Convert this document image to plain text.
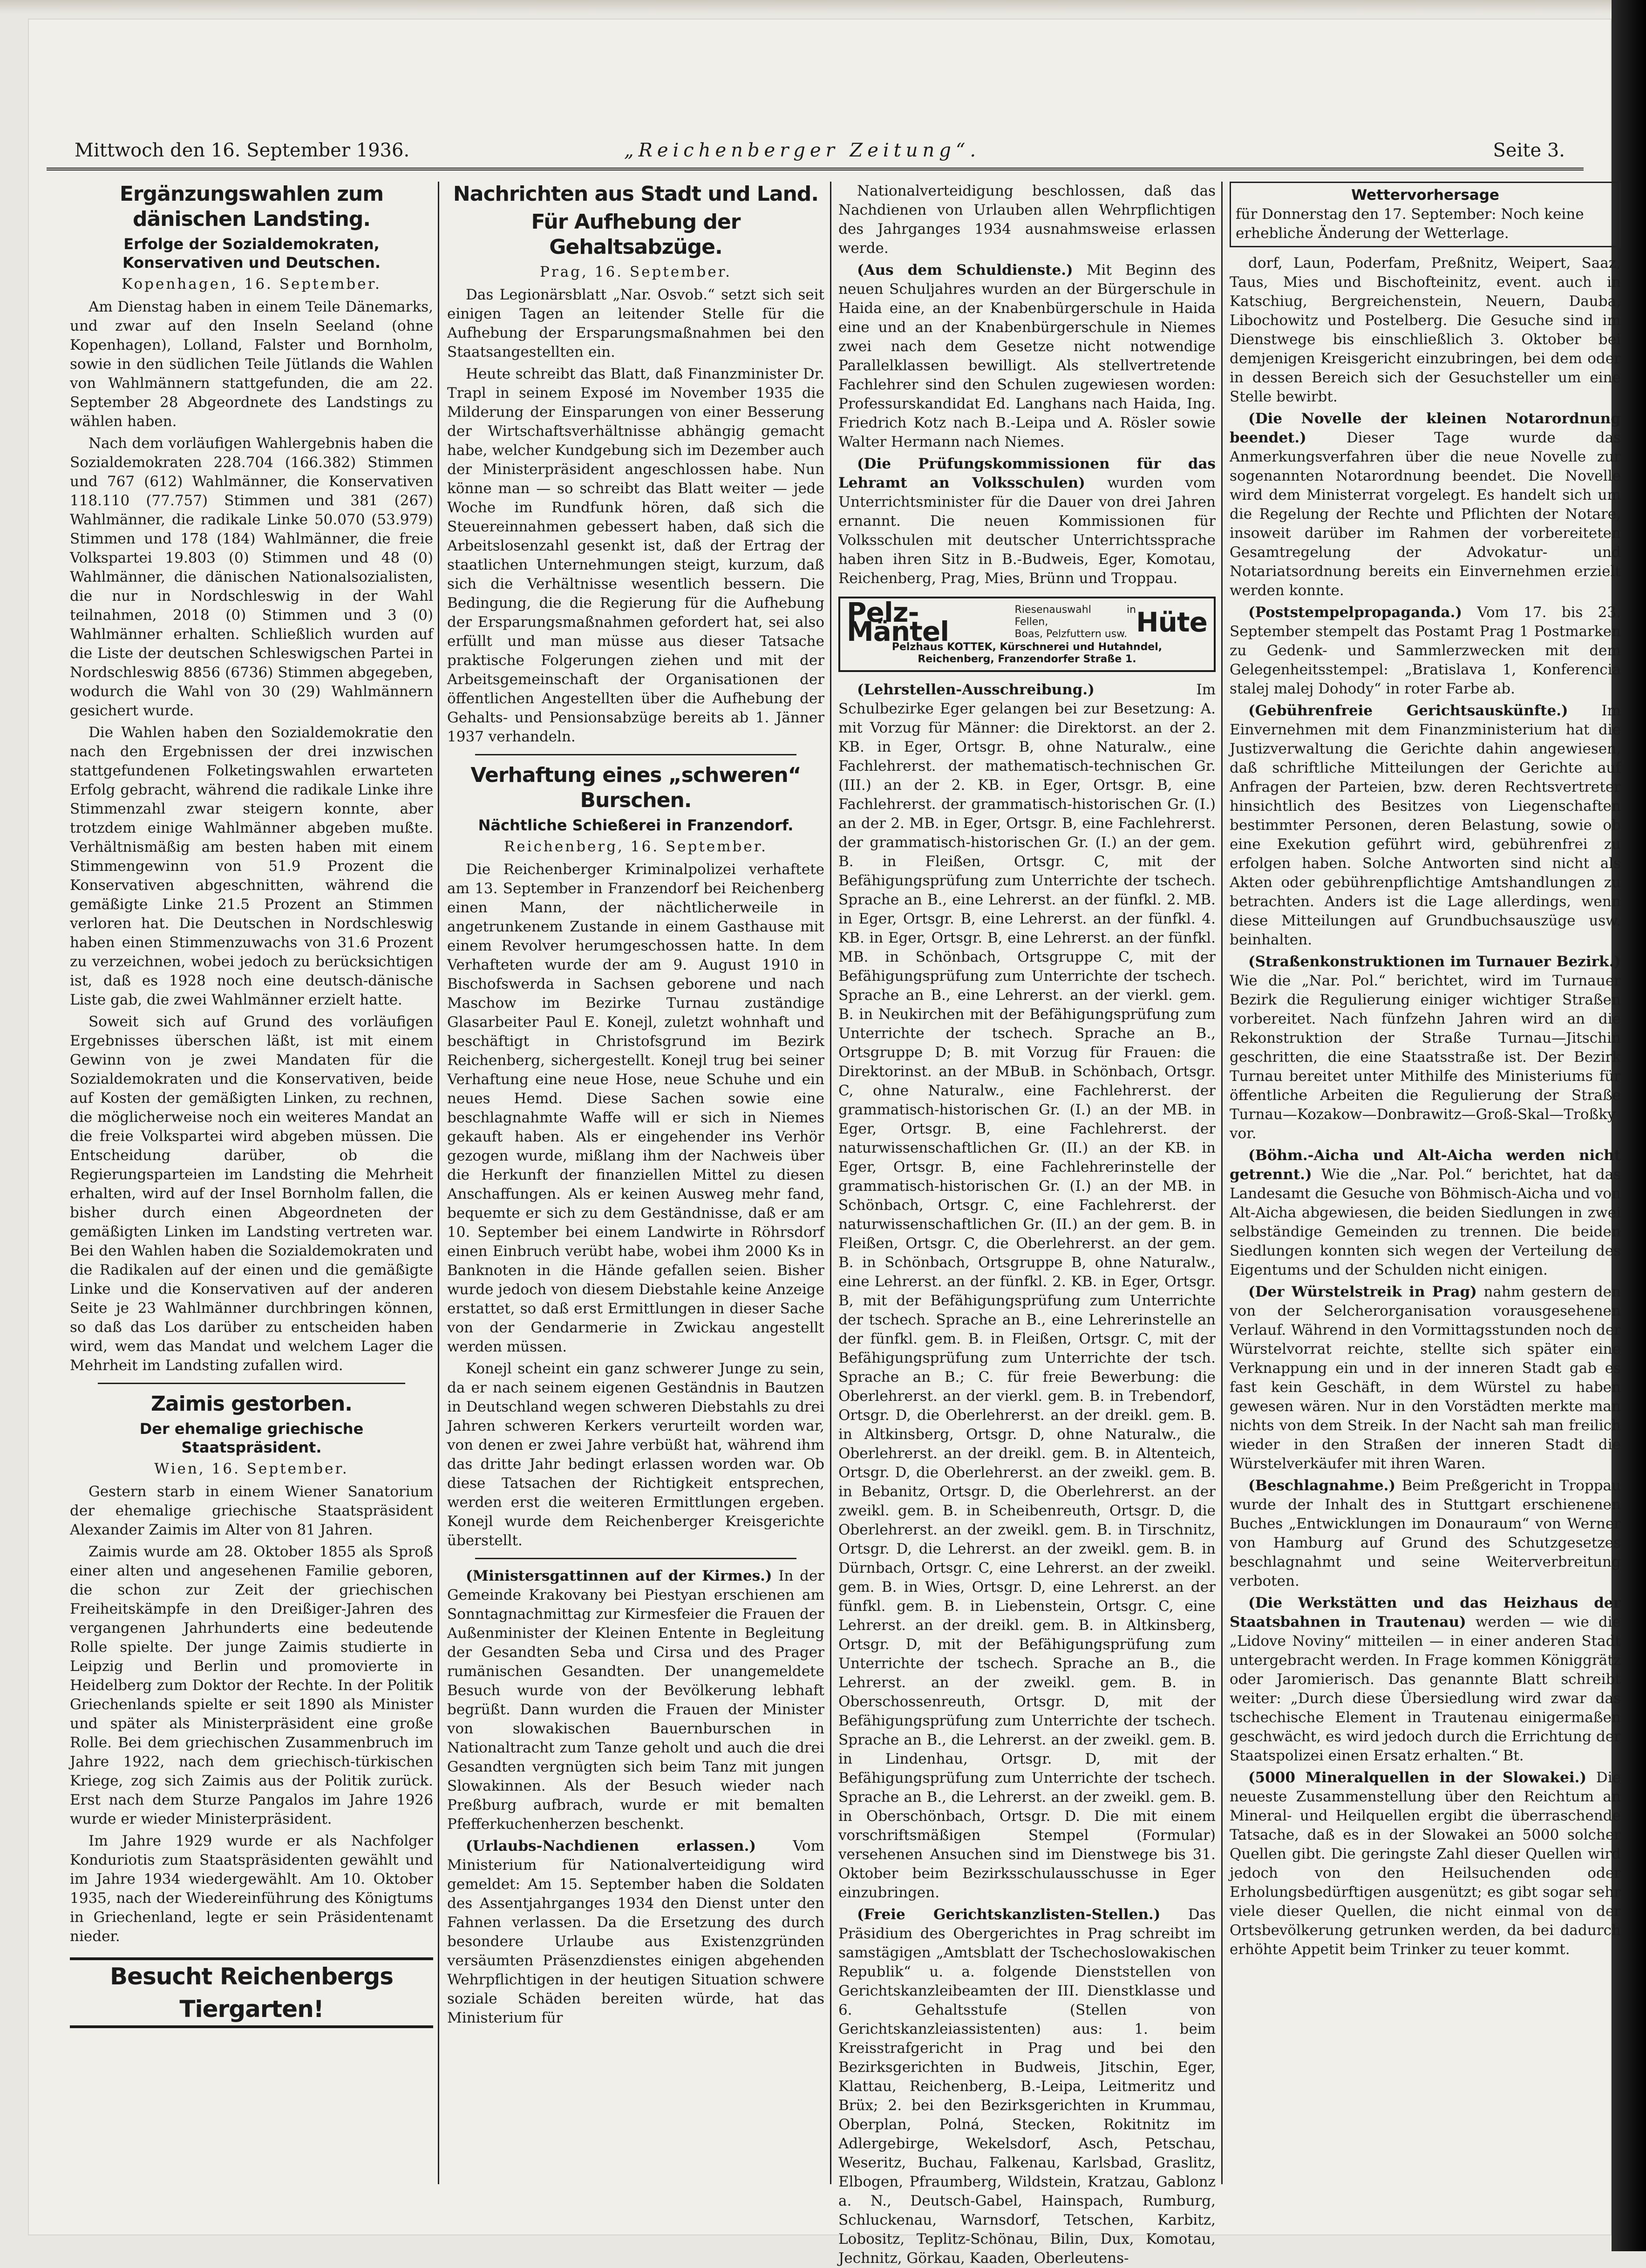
Mittwoch den 16. September 1936.	„Reichenberger Zeitung“.	Seite 3.
Ergänzungswahlen zum dänischen Landsting.
Erfolge der Sozialdemokraten, Konservativen und Deutschen.
Kopenhagen, 16. September.

Am Dienstag haben in einem Teile Dänemarks, und zwar auf den Inseln Seeland (ohne Kopenhagen), Lolland, Falster und Bornholm, sowie in den südlichen Teile Jütlands die Wahlen von Wahlmännern stattgefunden, die am 22. September 28 Abgeordnete des Landstings zu wählen haben.

Nach dem vorläufigen Wahlergebnis haben die Sozialdemokraten 228.704 (166.382) Stimmen und 767 (612) Wahlmänner, die Konservativen 118.110 (77.757) Stimmen und 381 (267) Wahlmänner, die radikale Linke 50.070 (53.979) Stimmen und 178 (184) Wahlmänner, die freie Volkspartei 19.803 (0) Stimmen und 48 (0) Wahlmänner, die dänischen Nationalsozialisten, die nur in Nordschleswig in der Wahl teilnahmen, 2018 (0) Stimmen und 3 (0) Wahlmänner erhalten. Schließlich wurden auf die Liste der deutschen Schleswigschen Partei in Nordschleswig 8856 (6736) Stimmen abgegeben, wodurch die Wahl von 30 (29) Wahlmännern gesichert wurde.

Die Wahlen haben den Sozialdemokratie den nach den Ergebnissen der drei inzwischen stattgefundenen Folketingswahlen erwarteten Erfolg gebracht, während die radikale Linke ihre Stimmenzahl zwar steigern konnte, aber trotzdem einige Wahlmänner abgeben mußte. Verhältnismäßig am besten haben mit einem Stimmengewinn von 51.9 Prozent die Konservativen abgeschnitten, während die gemäßigte Linke 21.5 Prozent an Stimmen verloren hat. Die Deutschen in Nordschleswig haben einen Stimmenzuwachs von 31.6 Prozent zu verzeichnen, wobei jedoch zu berücksichtigen ist, daß es 1928 noch eine deutsch-dänische Liste gab, die zwei Wahlmänner erzielt hatte.

Soweit sich auf Grund des vorläufigen Ergebnisses überschen läßt, ist mit einem Gewinn von je zwei Mandaten für die Sozialdemokraten und die Konservativen, beide auf Kosten der gemäßigten Linken, zu rechnen, die möglicherweise noch ein weiteres Mandat an die freie Volkspartei wird abgeben müssen. Die Entscheidung darüber, ob die Regierungsparteien im Landsting die Mehrheit erhalten, wird auf der Insel Bornholm fallen, die bisher durch einen Abgeordneten der gemäßigten Linken im Landsting vertreten war. Bei den Wahlen haben die Sozialdemokraten und die Radikalen auf der einen und die gemäßigte Linke und die Konservativen auf der anderen Seite je 23 Wahlmänner durchbringen können, so daß das Los darüber zu entscheiden haben wird, wem das Mandat und welchem Lager die Mehrheit im Landsting zufallen wird.

Zaimis gestorben.
Der ehemalige griechische Staatspräsident.
Wien, 16. September.

Gestern starb in einem Wiener Sanatorium der ehemalige griechische Staatspräsident Alexander Zaimis im Alter von 81 Jahren.

Zaimis wurde am 28. Oktober 1855 als Sproß einer alten und angesehenen Familie geboren, die schon zur Zeit der griechischen Freiheitskämpfe in den Dreißiger-Jahren des vergangenen Jahrhunderts eine bedeutende Rolle spielte. Der junge Zaimis studierte in Leipzig und Berlin und promovierte in Heidelberg zum Doktor der Rechte. In der Politik Griechenlands spielte er seit 1890 als Minister und später als Ministerpräsident eine große Rolle. Bei dem griechischen Zusammenbruch im Jahre 1922, nach dem griechisch-türkischen Kriege, zog sich Zaimis aus der Politik zurück. Erst nach dem Sturze Pangalos im Jahre 1926 wurde er wieder Ministerpräsident.

Im Jahre 1929 wurde er als Nachfolger Konduriotis zum Staatspräsidenten gewählt und im Jahre 1934 wiedergewählt. Am 10. Oktober 1935, nach der Wiedereinführung des Königtums in Griechenland, legte er sein Präsidentenamt nieder.

Besucht Reichenbergs Tiergarten!
Nachrichten aus Stadt und Land.
Für Aufhebung der Gehaltsabzüge.
Prag, 16. September.

Das Legionärsblatt „Nar. Osvob.“ setzt sich seit einigen Tagen an leitender Stelle für die Aufhebung der Ersparungsmaßnahmen bei den Staatsangestellten ein.

Heute schreibt das Blatt, daß Finanzminister Dr. Trapl in seinem Exposé im November 1935 die Milderung der Einsparungen von einer Besserung der Wirtschaftsverhältnisse abhängig gemacht habe, welcher Kundgebung sich im Dezember auch der Ministerpräsident angeschlossen habe. Nun könne man — so schreibt das Blatt weiter — jede Woche im Rundfunk hören, daß sich die Steuereinnahmen gebessert haben, daß sich die Arbeitslosenzahl gesenkt ist, daß der Ertrag der staatlichen Unternehmungen steigt, kurzum, daß sich die Verhältnisse wesentlich bessern. Die Bedingung, die die Regierung für die Aufhebung der Ersparungsmaßnahmen gefordert hat, sei also erfüllt und man müsse aus dieser Tatsache praktische Folgerungen ziehen und mit der Arbeitsgemeinschaft der Organisationen der öffentlichen Angestellten über die Aufhebung der Gehalts- und Pensionsabzüge bereits ab 1. Jänner 1937 verhandeln.

Verhaftung eines „schweren“ Burschen.
Nächtliche Schießerei in Franzendorf.
Reichenberg, 16. September.

Die Reichenberger Kriminalpolizei verhaftete am 13. September in Franzendorf bei Reichenberg einen Mann, der nächtlicherweile in angetrunkenem Zustande in einem Gasthause mit einem Revolver herumgeschossen hatte. In dem Verhafteten wurde der am 9. August 1910 in Bischofswerda in Sachsen geborene und nach Maschow im Bezirke Turnau zuständige Glasarbeiter Paul E. Konejl, zuletzt wohnhaft und beschäftigt in Christofsgrund im Bezirk Reichenberg, sichergestellt. Konejl trug bei seiner Verhaftung eine neue Hose, neue Schuhe und ein neues Hemd. Diese Sachen sowie eine beschlagnahmte Waffe will er sich in Niemes gekauft haben. Als er eingehender ins Verhör gezogen wurde, mißlang ihm der Nachweis über die Herkunft der finanziellen Mittel zu diesen Anschaffungen. Als er keinen Ausweg mehr fand, bequemte er sich zu dem Geständnisse, daß er am 10. September bei einem Landwirte in Röhrsdorf einen Einbruch verübt habe, wobei ihm 2000 Ks in Banknoten in die Hände gefallen seien. Bisher wurde jedoch von diesem Diebstahle keine Anzeige erstattet, so daß erst Ermittlungen in dieser Sache von der Gendarmerie in Zwickau angestellt werden müssen.

Konejl scheint ein ganz schwerer Junge zu sein, da er nach seinem eigenen Geständnis in Bautzen in Deutschland wegen schweren Diebstahls zu drei Jahren schweren Kerkers verurteilt worden war, von denen er zwei Jahre verbüßt hat, während ihm das dritte Jahr bedingt erlassen worden war. Ob diese Tatsachen der Richtigkeit entsprechen, werden erst die weiteren Ermittlungen ergeben. Konejl wurde dem Reichenberger Kreisgerichte überstellt.

(Ministersgattinnen auf der Kirmes.) In der Gemeinde Krakovany bei Piestyan erschienen am Sonntagnachmittag zur Kirmesfeier die Frauen der Außenminister der Kleinen Entente in Begleitung der Gesandten Seba und Cirsa und des Prager rumänischen Gesandten. Der unangemeldete Besuch wurde von der Bevölkerung lebhaft begrüßt. Dann wurden die Frauen der Minister von slowakischen Bauernburschen in Nationaltracht zum Tanze geholt und auch die drei Gesandten vergnügten sich beim Tanz mit jungen Slowakinnen. Als der Besuch wieder nach Preßburg aufbrach, wurde er mit bemalten Pfefferkuchenherzen beschenkt.

(Urlaubs-Nachdienen erlassen.)	Vom Ministerium für Nationalverteidigung wird gemeldet: Am 15. September haben die Soldaten des Assentjahrganges 1934 den Dienst unter den Fahnen verlassen. Da die Ersetzung des durch besondere Urlaube aus Existenzgründen versäumten Präsenzdienstes einigen abgehenden Wehrpflichtigen in der heutigen Situation schwere soziale Schäden bereiten würde, hat das Ministerium für

Nationalverteidigung beschlossen, daß das Nachdienen von Urlauben allen Wehrpflichtigen des Jahrganges 1934 ausnahmsweise erlassen werde.

(Aus dem Schuldienste.) Mit Beginn des neuen Schuljahres wurden an der Bürgerschule in Haida eine, an der Knabenbürgerschule in Haida eine und an der Knabenbürgerschule in Niemes zwei nach dem Gesetze nicht notwendige Parallelklassen bewilligt. Als stellvertretende Fachlehrer sind den Schulen zugewiesen worden: Professurskandidat Ed. Langhans nach Haida, Ing. Friedrich Kotz nach B.-Leipa und A. Rösler sowie Walter Hermann nach Niemes.

(Die Prüfungskommissionen für das Lehramt an Volksschulen) wurden vom Unterrichtsminister für die Dauer von drei Jahren ernannt. Die neuen Kommissionen für Volksschulen mit deutscher Unterrichtssprache haben ihren Sitz in B.-Budweis, Eger, Komotau, Reichenberg, Prag, Mies, Brünn und Troppau.

Pelz-Mäntel
Riesenauswahl in Fellen,
Boas, Pelzfuttern usw. Hüte
Pelzhaus KOTTEK, Kürschnerei und Hutahndel,
Reichenberg, Franzendorfer Straße 1.

(Lehrstellen-Ausschreibung.)	Im Schulbezirke Eger gelangen bei zur Besetzung: A. mit Vorzug für Männer: die Direktorst. an der 2. KB. in Eger, Ortsgr. B, ohne Naturalw., eine Fachlehrerst. der mathematisch-technischen Gr. (III.) an der 2. KB. in Eger, Ortsgr. B, eine Fachlehrerst. der grammatisch-historischen Gr. (I.) an der 2. MB. in Eger, Ortsgr. B, eine Fachlehrerst. der grammatisch-historischen Gr. (I.) an der gem. B. in Fleißen, Ortsgr. C, mit der Befähigungsprüfung zum Unterrichte der tschech. Sprache an B., eine Lehrerst. an der fünfkl. 2. MB. in Eger, Ortsgr. B, eine Lehrerst. an der fünfkl. 4. KB. in Eger, Ortsgr. B, eine Lehrerst. an der fünfkl. MB. in Schönbach, Ortsgruppe C, mit der Befähigungsprüfung zum Unterrichte der tschech. Sprache an B., eine Lehrerst. an der vierkl. gem. B. in Neukirchen mit der Befähigungsprüfung zum Unterrichte der tschech. Sprache an B., Ortsgruppe D; B. mit Vorzug für Frauen: die Direktorinst. an der MBuB. in Schönbach, Ortsgr. C, ohne Naturalw., eine Fachlehrerst. der grammatisch-historischen Gr. (I.) an der MB. in Eger, Ortsgr. B, eine Fachlehrerst. der naturwissenschaftlichen Gr. (II.) an der KB. in Eger, Ortsgr. B, eine Fachlehrerinstelle der grammatisch-historischen Gr. (I.) an der MB. in Schönbach, Ortsgr. C, eine Fachlehrerst. der naturwissenschaftlichen Gr. (II.) an der gem. B. in Fleißen, Ortsgr. C, die Oberlehrerst. an der gem. B. in Schönbach, Ortsgruppe B, ohne Naturalw., eine Lehrerst. an der fünfkl. 2. KB. in Eger, Ortsgr. B, mit der Befähigungsprüfung zum Unterrichte der tschech. Sprache an B., eine Lehrerinstelle an der fünfkl. gem. B. in Fleißen, Ortsgr. C, mit der Befähigungsprüfung zum Unterrichte der tsch. Sprache an B.; C. für freie Bewerbung: die Oberlehrerst. an der vierkl. gem. B. in Trebendorf, Ortsgr. D, die Oberlehrerst. an der dreikl. gem. B. in Altkinsberg, Ortsgr. D, ohne Naturalw., die Oberlehrerst. an der dreikl. gem. B. in Altenteich, Ortsgr. D, die Oberlehrerst. an der zweikl. gem. B. in Bebanitz, Ortsgr. D, die Oberlehrerst. an der zweikl. gem. B. in Scheibenreuth, Ortsgr. D, die Oberlehrerst. an der zweikl. gem. B. in Tirschnitz, Ortsgr. D, die Lehrerst. an der zweikl. gem. B. in Dürnbach, Ortsgr. C, eine Lehrerst. an der zweikl. gem. B. in Wies, Ortsgr. D, eine Lehrerst. an der fünfkl. gem. B. in Liebenstein, Ortsgr. C, eine Lehrerst. an der dreikl. gem. B. in Altkinsberg, Ortsgr. D, mit der Befähigungsprüfung zum Unterrichte der tschech. Sprache an B., die Lehrerst. an der zweikl. gem. B. in Oberschossenreuth, Ortsgr. D, mit der Befähigungsprüfung zum Unterrichte der tschech. Sprache an B., die Lehrerst. an der zweikl. gem. B. in Lindenhau, Ortsgr. D, mit der Befähigungsprüfung zum Unterrichte der tschech. Sprache an B., die Lehrerst. an der zweikl. gem. B. in Oberschönbach, Ortsgr. D. Die mit einem vorschriftsmäßigen Stempel (Formular) versehenen Ansuchen sind im Dienstwege bis 31. Oktober beim Bezirksschulausschusse in Eger einzubringen.

(Freie Gerichtskanzlisten-Stellen.) Das Präsidium des Obergerichtes in Prag schreibt im samstägigen „Amtsblatt der Tschechoslowakischen Republik“ u. a. folgende Dienststellen von Gerichtskanzleibeamten der III. Dienstklasse und 6. Gehaltsstufe (Stellen von Gerichtskanzleiassistenten) aus: 1. beim Kreisstrafgericht in Prag und bei den Bezirksgerichten in Budweis, Jitschin, Eger, Klattau, Reichenberg, B.-Leipa, Leitmeritz und Brüx; 2. bei den Bezirksgerichten in Krummau, Oberplan, Polná, Stecken, Rokitnitz im Adlergebirge, Wekelsdorf, Asch, Petschau, Weseritz, Buchau, Falkenau, Karlsbad, Graslitz, Elbogen, Pfraumberg, Wildstein, Kratzau, Gablonz a. N., Deutsch-Gabel, Hainspach, Rumburg, Schluckenau, Warnsdorf, Tetschen, Karbitz, Lobositz, Teplitz-Schönau, Bilin, Dux, Komotau, Jechnitz, Görkau, Kaaden, Oberleutens-

Wettervorhersage
für Donnerstag den 17. September: Noch keine erhebliche Änderung der Wetterlage.

dorf, Laun, Poderfam, Preßnitz, Weipert, Saaz, Taus, Mies und Bischofteinitz, event. auch in Katschiug, Bergreichenstein, Neuern, Dauba, Libochowitz und Postelberg. Die Gesuche sind im Dienstwege bis einschließlich 3. Oktober bei demjenigen Kreisgericht einzubringen, bei dem oder in dessen Bereich sich der Gesuchsteller um eine Stelle bewirbt.

(Die Novelle der kleinen Notarordnung beendet.)	Dieser Tage wurde das Anmerkungsverfahren über die neue Novelle zur sogenannten Notarordnung beendet. Die Novelle wird dem Ministerrat vorgelegt. Es handelt sich um die Regelung der Rechte und Pflichten der Notare, insoweit darüber im Rahmen der vorbereiteten Gesamtregelung der Advokatur- und Notariatsordnung bereits ein Einvernehmen erzielt werden konnte.

(Poststempelpropaganda.) Vom 17. bis 23. September stempelt das Postamt Prag 1 Postmarken zu Gedenk- und Sammlerzwecken mit dem Gelegenheitsstempel: „Bratislava 1, Konferencia stalej malej Dohody“ in roter Farbe ab.

(Gebührenfreie Gerichtsauskünfte.) Im Einvernehmen mit dem Finanzministerium hat die Justizverwaltung die Gerichte dahin angewiesen, daß schriftliche Mitteilungen der Gerichte auf Anfragen der Parteien, bzw. deren Rechtsvertreter hinsichtlich des Besitzes von Liegenschaften bestimmter Personen, deren Belastung, sowie ob eine Exekution geführt wird, gebührenfrei zu erfolgen haben. Solche Antworten sind nicht als Akten oder gebührenpflichtige Amtshandlungen zu betrachten. Anders ist die Lage allerdings, wenn diese Mitteilungen auf Grundbuchsauszüge usw. beinhalten.

(Straßenkonstruktionen im Turnauer Bezirk.) Wie die „Nar. Pol.“ berichtet, wird im Turnauer Bezirk die Regulierung einiger wichtiger Straßen vorbereitet. Nach fünfzehn Jahren wird an die Rekonstruktion der Straße Turnau—Jitschin geschritten, die eine Staatsstraße ist. Der Bezirk Turnau bereitet unter Mithilfe des Ministeriums für öffentliche Arbeiten die Regulierung der Straße Turnau—Kozakow—Donbrawitz—Groß-Skal—Troßky vor.

(Böhm.-Aicha und Alt-Aicha werden nicht getrennt.) Wie die „Nar. Pol.“ berichtet, hat das Landesamt die Gesuche von Böhmisch-Aicha und von Alt-Aicha abgewiesen, die beiden Siedlungen in zwei selbständige Gemeinden zu trennen. Die beiden Siedlungen konnten sich wegen der Verteilung des Eigentums und der Schulden nicht einigen.

(Der Würstelstreik in Prag) nahm gestern den von der Selcherorganisation vorausgesehenen Verlauf. Während in den Vormittagsstunden noch der Würstelvorrat reichte, stellte sich später eine Verknappung ein und in der inneren Stadt gab es fast kein Geschäft, in dem Würstel zu haben gewesen wären. Nur in den Vorstädten merkte man nichts von dem Streik. In der Nacht sah man freilich wieder in den Straßen der inneren Stadt die Würstelverkäufer mit ihren Waren.

(Beschlagnahme.) Beim Preßgericht in Troppau wurde der Inhalt des in Stuttgart erschienenen Buches „Entwicklungen im Donauraum“ von Werner von Hamburg auf Grund des Schutzgesetzes beschlagnahmt und seine Weiterverbreitung verboten.

(Die Werkstätten und das Heizhaus der Staatsbahnen in Trautenau) werden — wie die „Lidove Noviny“ mitteilen — in einer anderen Stadt untergebracht werden. In Frage kommen Königgrätz oder Jaromierisch. Das genannte Blatt schreibt weiter: „Durch diese Übersiedlung wird zwar das tschechische Element in Trautenau einigermaßen geschwächt, es wird jedoch durch die Errichtung der Staatspolizei einen Ersatz erhalten.“ Bt.

(5000 Mineralquellen in der Slowakei.) Die neueste Zusammenstellung über den Reichtum an Mineral- und Heilquellen ergibt die überraschende Tatsache, daß es in der Slowakei an 5000 solcher Quellen gibt. Die geringste Zahl dieser Quellen wird jedoch von den Heilsuchenden oder Erholungsbedürftigen ausgenützt; es gibt sogar sehr viele dieser Quellen, die nicht einmal von der Ortsbevölkerung getrunken werden, da bei dadurch erhöhte Appetit beim Trinker zu teuer kommt.
